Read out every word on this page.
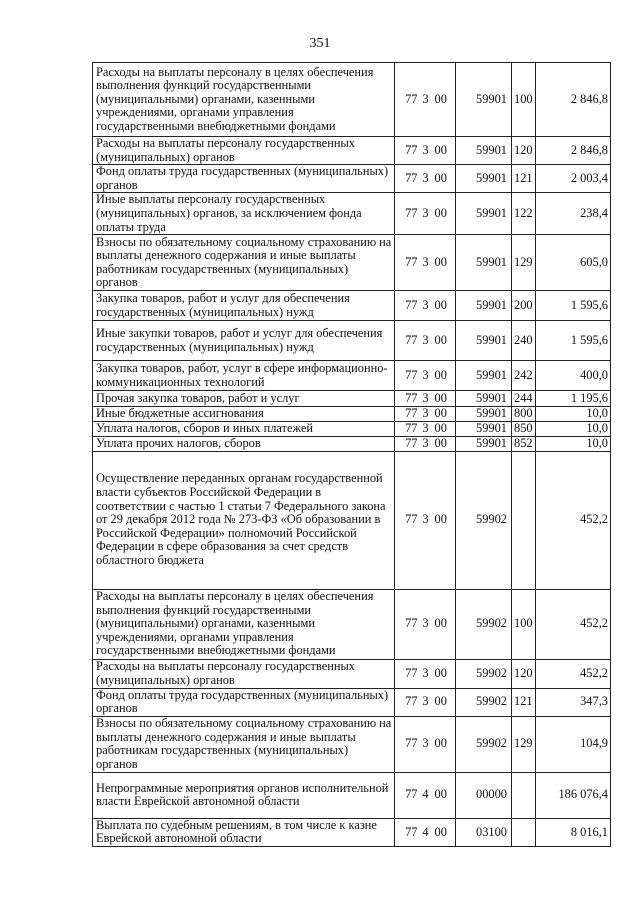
351
Расходы на выплаты персоналу в целях обеспечения выполнения функций государственными (муниципальными) органами, казенными учреждениями, органами управления государственными внебюджетными фондами	77	3	00	59901	100	2 846,8
Расходы на выплаты персоналу государственных (муниципальных) органов	77	3	00	59901	120	2 846,8
Фонд оплаты труда государственных (муниципальных) органов	77	3	00	59901	121	2 003,4
Иные выплаты персоналу государственных (муниципальных) органов, за исключением фонда оплаты труда	77	3	00	59901	122	238,4
Взносы по обязательному социальному страхованию на выплаты денежного содержания и иные выплаты работникам государственных (муниципальных) органов	77	3	00	59901	129	605,0
Закупка товаров, работ и услуг для обеспечения государственных (муниципальных) нужд	77	3	00	59901	200	1 595,6
Иные закупки товаров, работ и услуг для обеспечения государственных (муниципальных) нужд	77	3	00	59901	240	1 595,6
Закупка товаров, работ, услуг в сфере информационно-коммуникационных технологий	77	3	00	59901	242	400,0
Прочая закупка товаров, работ и услуг	77	3	00	59901	244	1 195,6
Иные бюджетные ассигнования	77	3	00	59901	800	10,0
Уплата налогов, сборов и иных платежей	77	3	00	59901	850	10,0
Уплата прочих налогов, сборов	77	3	00	59901	852	10,0
Осуществление переданных органам государственной власти субъектов Российской Федерации в соответствии с частью 1 статьи 7 Федерального закона от 29 декабря 2012 года № 273-ФЗ «Об образовании в Российской Федерации» полномочий Российской Федерации в сфере образования за счет средств областного бюджета	77	3	00	59902		452,2
Расходы на выплаты персоналу в целях обеспечения выполнения функций государственными (муниципальными) органами, казенными учреждениями, органами управления государственными внебюджетными фондами	77	3	00	59902	100	452,2
Расходы на выплаты персоналу государственных (муниципальных) органов	77	3	00	59902	120	452,2
Фонд оплаты труда государственных (муниципальных) органов	77	3	00	59902	121	347,3
Взносы по обязательному социальному страхованию на выплаты денежного содержания и иные выплаты работникам государственных (муниципальных) органов	77	3	00	59902	129	104,9
Непрограммные мероприятия органов исполнительной власти Еврейской автономной области	77	4	00	00000		186 076,4
Выплата по судебным решениям, в том числе к казне Еврейской автономной области	77	4	00	03100		8 016,1
